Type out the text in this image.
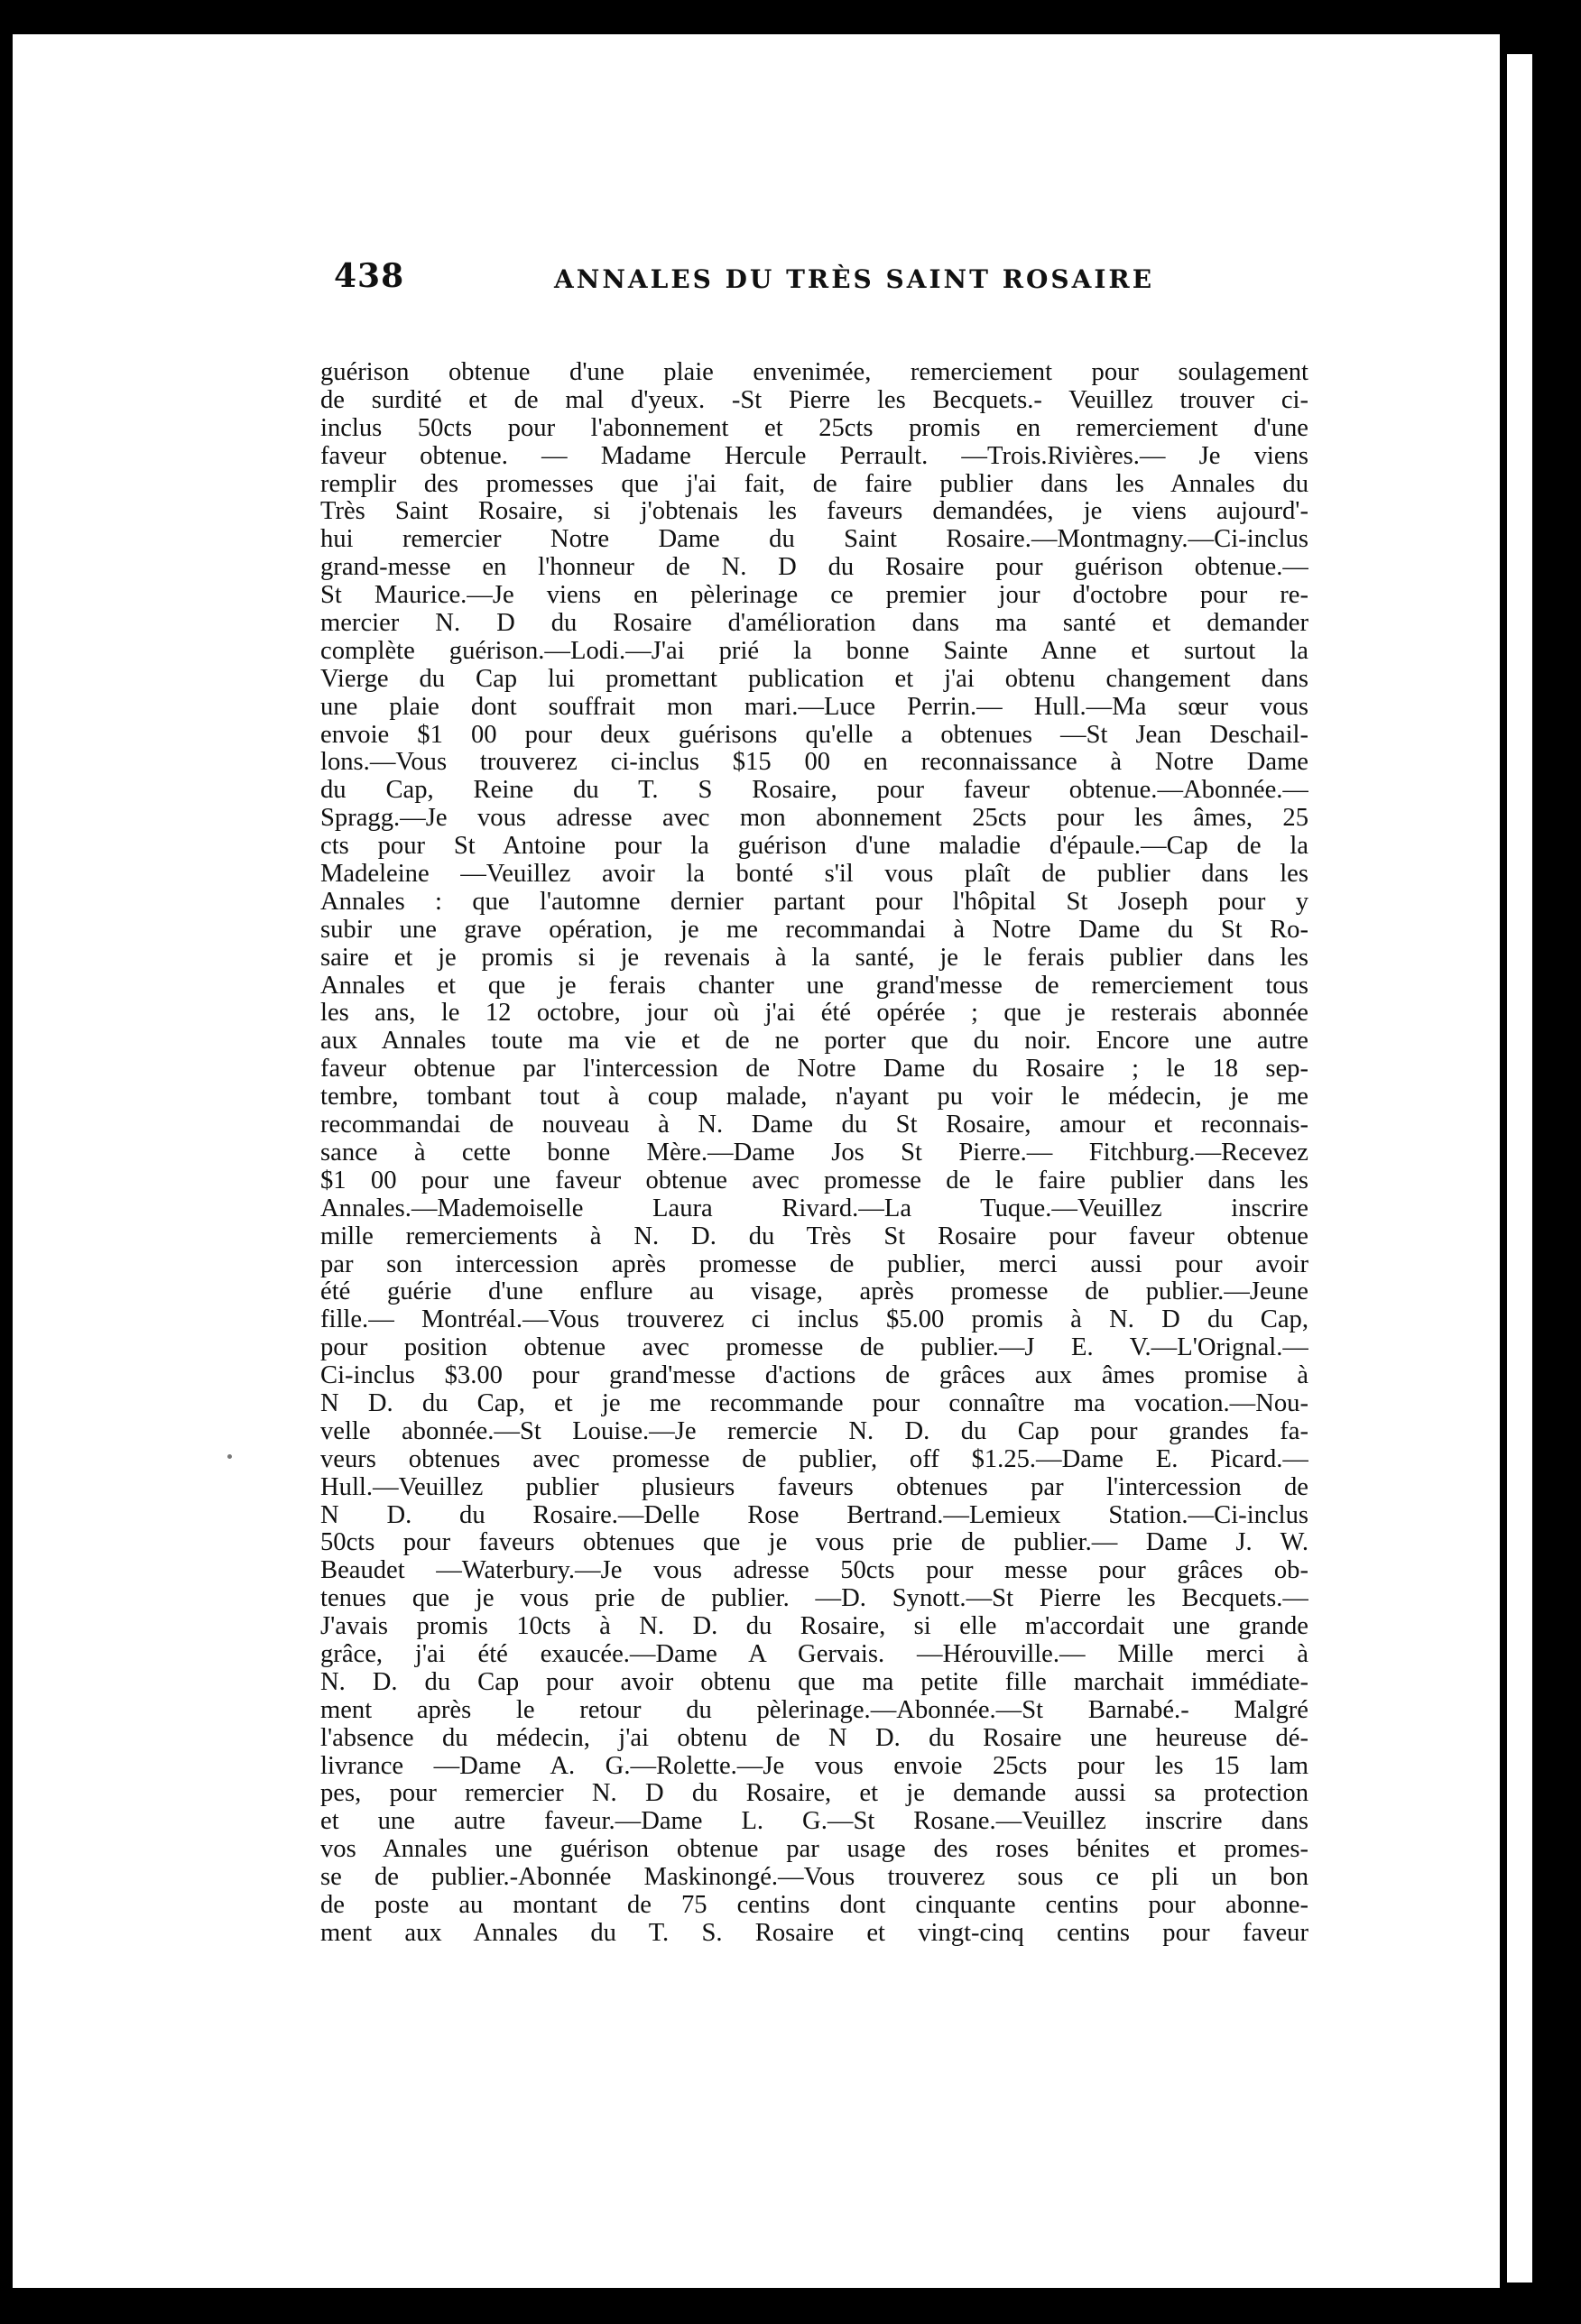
438	ANNALES DU TRÈS SAINT ROSAIRE
guérison obtenue d'une plaie envenimée, remerciement pour soulagement
de surdité et de mal d'yeux. -St Pierre les Becquets.- Veuillez trouver ci-
inclus 50cts pour l'abonnement et 25cts promis en remerciement d'une
faveur obtenue. — Madame Hercule Perrault. —Trois.Rivières.— Je viens
remplir des promesses que j'ai fait, de faire publier dans les Annales du
Très Saint Rosaire, si j'obtenais les faveurs demandées, je viens aujourd'-
hui remercier Notre Dame du Saint Rosaire.—Montmagny.—Ci-inclus
grand-messe en l'honneur de N. D du Rosaire pour guérison obtenue.—
St Maurice.—Je viens en pèlerinage ce premier jour d'octobre pour re-
mercier N. D du Rosaire d'amélioration dans ma santé et demander
complète guérison.—Lodi.—J'ai prié la bonne Sainte Anne et surtout la
Vierge du Cap lui promettant publication et j'ai obtenu changement dans
une plaie dont souffrait mon mari.—Luce Perrin.— Hull.—Ma sœur vous
envoie $1 00 pour deux guérisons qu'elle a obtenues —St Jean Deschail-
lons.—Vous trouverez ci-inclus $15 00 en reconnaissance à Notre Dame
du Cap, Reine du T. S Rosaire, pour faveur obtenue.—Abonnée.—
Spragg.—Je vous adresse avec mon abonnement 25cts pour les âmes, 25
cts pour St Antoine pour la guérison d'une maladie d'épaule.—Cap de la
Madeleine —Veuillez avoir la bonté s'il vous plaît de publier dans les
Annales : que l'automne dernier partant pour l'hôpital St Joseph pour y
subir une grave opération, je me recommandai à Notre Dame du St Ro-
saire et je promis si je revenais à la santé, je le ferais publier dans les
Annales et que je ferais chanter une grand'messe de remerciement tous
les ans, le 12 octobre, jour où j'ai été opérée ; que je resterais abonnée
aux Annales toute ma vie et de ne porter que du noir. Encore une autre
faveur obtenue par l'intercession de Notre Dame du Rosaire ; le 18 sep-
tembre, tombant tout à coup malade, n'ayant pu voir le médecin, je me
recommandai de nouveau à N. Dame du St Rosaire, amour et reconnais-
sance à cette bonne Mère.—Dame Jos St Pierre.— Fitchburg.—Recevez
$1 00 pour une faveur obtenue avec promesse de le faire publier dans les
Annales.—Mademoiselle Laura Rivard.—La Tuque.—Veuillez inscrire
mille remerciements à N. D. du Très St Rosaire pour faveur obtenue
par son intercession après promesse de publier, merci aussi pour avoir
été guérie d'une enflure au visage, après promesse de publier.—Jeune
fille.— Montréal.—Vous trouverez ci inclus $5.00 promis à N. D du Cap,
pour position obtenue avec promesse de publier.—J E. V.—L'Orignal.—
Ci-inclus $3.00 pour grand'messe d'actions de grâces aux âmes promise à
N D. du Cap, et je me recommande pour connaître ma vocation.—Nou-
velle abonnée.—St Louise.—Je remercie N. D. du Cap pour grandes fa-
veurs obtenues avec promesse de publier, off $1.25.—Dame E. Picard.—
Hull.—Veuillez publier plusieurs faveurs obtenues par l'intercession de
N D. du Rosaire.—Delle Rose Bertrand.—Lemieux Station.—Ci-inclus
50cts pour faveurs obtenues que je vous prie de publier.— Dame J. W.
Beaudet —Waterbury.—Je vous adresse 50cts pour messe pour grâces ob-
tenues que je vous prie de publier. —D. Synott.—St Pierre les Becquets.—
J'avais promis 10cts à N. D. du Rosaire, si elle m'accordait une grande
grâce, j'ai été exaucée.—Dame A Gervais. —Hérouville.— Mille merci à
N. D. du Cap pour avoir obtenu que ma petite fille marchait immédiate-
ment après le retour du pèlerinage.—Abonnée.—St Barnabé.- Malgré
l'absence du médecin, j'ai obtenu de N D. du Rosaire une heureuse dé-
livrance —Dame A. G.—Rolette.—Je vous envoie 25cts pour les 15 lam
pes, pour remercier N. D du Rosaire, et je demande aussi sa protection
et une autre faveur.—Dame L. G.—St Rosane.—Veuillez inscrire dans
vos Annales une guérison obtenue par usage des roses bénites et promes-
se de publier.-Abonnée Maskinongé.—Vous trouverez sous ce pli un bon
de poste au montant de 75 centins dont cinquante centins pour abonne-
ment aux Annales du T. S. Rosaire et vingt-cinq centins pour faveur
